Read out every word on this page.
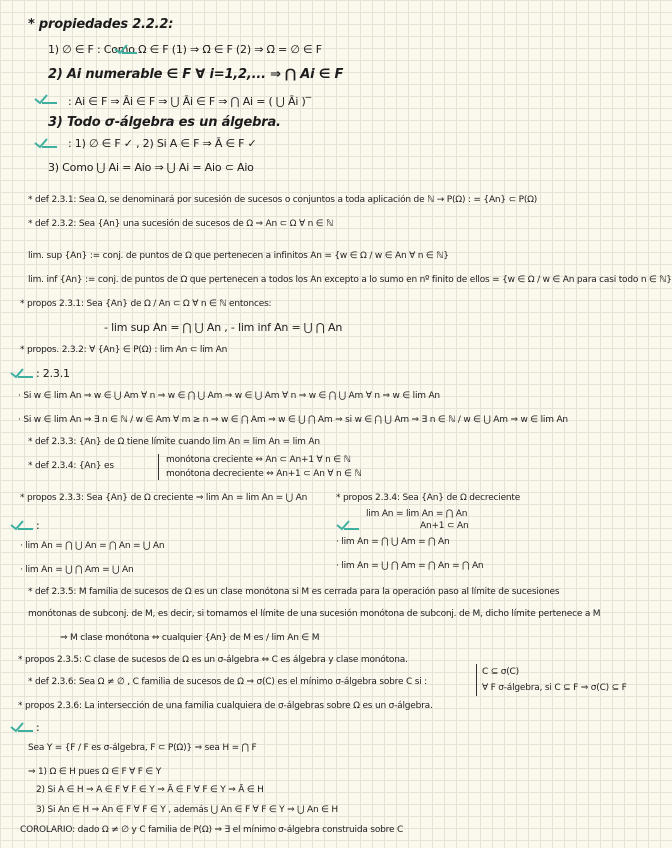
* propiedades 2.2.2:
1) ∅ ∈ F : Como Ω ∈ F (1) ⇒ Ω̄ ∈ F (2) ⇒ Ω̄ = ∅ ∈ F
2) Ai numerable ∈ F ∀ i=1,2,... ⇒ ⋂ Ai ∈ F
: Ai ∈ F ⇒ Āi ∈ F ⇒ ⋃ Āi ∈ F ⇒ ⋂ Ai = ( ⋃ Āi )‾
3) Todo σ-álgebra es un álgebra.
: 1) ∅ ∈ F ✓ , 2) Si A ∈ F ⇒ Ā ∈ F ✓
3) Como ⋃ Ai = Aio ⇒ ⋃ Ai = Aio ⊂ Aio
* def 2.3.1: Sea Ω, se denominará por sucesión de sucesos o conjuntos a toda aplicación de ℕ → P(Ω) : = {An} ⊂ P(Ω)
* def 2.3.2: Sea {An} una sucesión de sucesos de Ω ⇒ An ⊂ Ω ∀ n ∈ ℕ
lim. sup {An} := conj. de puntos de Ω que pertenecen a infinitos An = {w ∈ Ω / w ∈ An ∀ n ∈ ℕ}
lim. inf {An} := conj. de puntos de Ω que pertenecen a todos los An excepto a lo sumo en nº finito de ellos = {w ∈ Ω / w ∈ An para casi todo n ∈ ℕ}
* propos 2.3.1: Sea {An} de Ω / An ⊂ Ω ∀ n ∈ ℕ entonces:
- lim sup An = ⋂ ⋃ An , - lim inf An = ⋃ ⋂ An
* propos. 2.3.2: ∀ {An} ∈ P(Ω) : lim An ⊂ lim An
: 2.3.1
· Si w ∈ lim An ⇒ w ∈ ⋃ Am ∀ n ⇒ w ∈ ⋂ ⋃ Am ⇒ w ∈ ⋃ Am ∀ n ⇒ w ∈ ⋂ ⋃ Am ∀ n ⇒ w ∈ lim An
· Si w ∈ lim An ⇒ ∃ n ∈ ℕ / w ∈ Am ∀ m ≥ n ⇒ w ∈ ⋂ Am ⇒ w ∈ ⋃ ⋂ Am ⇒ si w ∈ ⋂ ⋃ Am ⇒ ∃ n ∈ ℕ / w ∈ ⋃ Am ⇒ w ∈ lim An
* def 2.3.3: {An} de Ω tiene límite cuando lim An = lim An = lim An
* def 2.3.4: {An} es
monótona creciente ⇔ An ⊂ An+1 ∀ n ∈ ℕ
monótona decreciente ⇔ An+1 ⊂ An ∀ n ∈ ℕ
* propos 2.3.3: Sea {An} de Ω creciente ⇒ lim An = lim An = ⋃ An
:
· lim An = ⋂ ⋃ An = ⋂ An = ⋃ An
· lim An = ⋃ ⋂ Am = ⋃ An
* propos 2.3.4: Sea {An} de Ω decreciente
lim An = lim An = ⋂ An
An+1 ⊂ An
· lim An = ⋂ ⋃ Am = ⋂ An
· lim An = ⋃ ⋂ Am = ⋂ An = ⋂ An
* def 2.3.5: M familia de sucesos de Ω es un clase monótona si M es cerrada para la operación paso al límite de sucesiones
monótonas de subconj. de M, es decir, si tomamos el límite de una sucesión monótona de subconj. de M, dicho límite pertenece a M
⇒ M clase monótona ⇔ cualquier {An} de M es / lim An ∈ M
* propos 2.3.5: C clase de sucesos de Ω es un σ-álgebra ⇔ C es álgebra y clase monótona.
* def 2.3.6: Sea Ω ≠ ∅ , C familia de sucesos de Ω ⇒ σ(C) es el mínimo σ-álgebra sobre C si :
C ⊆ σ(C)
∀ F σ-álgebra, si C ⊆ F ⇒ σ(C) ⊆ F
* propos 2.3.6: La intersección de una familia cualquiera de σ-álgebras sobre Ω es un σ-álgebra.
:
Sea Υ = {F / F es σ-álgebra, F ⊂ P(Ω)} ⇒ sea H = ⋂ F
⇒ 1) Ω ∈ H pues Ω ∈ F ∀ F ∈ Υ
2) Si A ∈ H ⇒ A ∈ F ∀ F ∈ Υ ⇒ Ā ∈ F ∀ F ∈ Υ ⇒ Ā ∈ H
3) Si An ∈ H ⇒ An ∈ F ∀ F ∈ Υ , además ⋃ An ∈ F ∀ F ∈ Υ ⇒ ⋃ An ∈ H
COROLARIO: dado Ω ≠ ∅ y C familia de P(Ω) ⇒ ∃ el mínimo σ-álgebra construida sobre C
